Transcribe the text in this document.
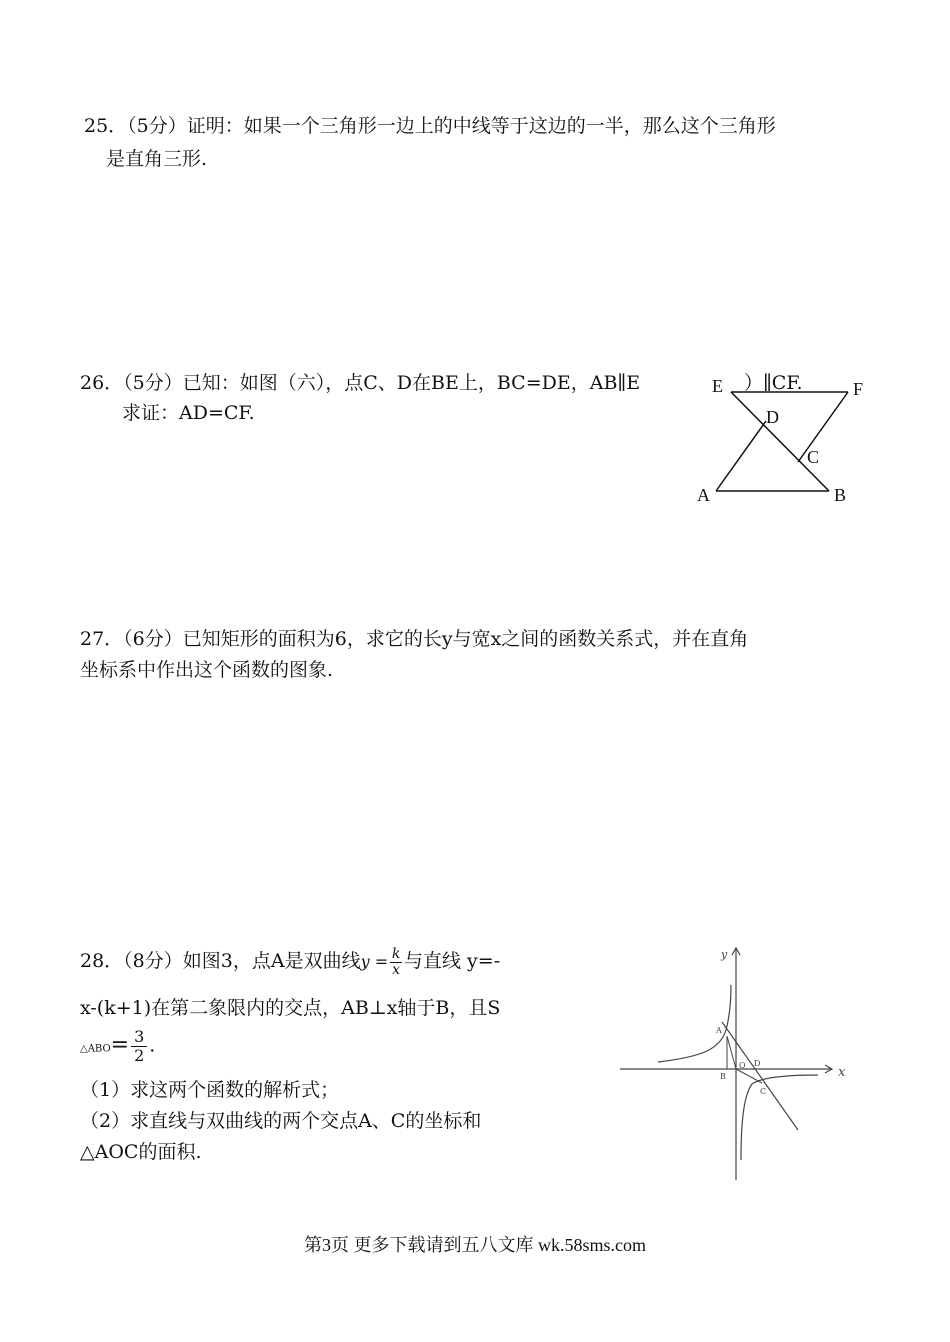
25．（5分）证明：如果一个三角形一边上的中线等于这边的一半，那么这个三角形
是直角三形.
26．（5分）已知：如图（六），点C、D在BE上，BC=DE，AB∥E	）∥CF.
求证：AD=CF.
E	F
D
C
A	B
27．（6分）已知矩形的面积为6，求它的长y与宽x之间的函数关系式，并在直角
坐标系中作出这个函数的图象.
28．（8分）如图3，点A是双曲线$y = \frac{k}{x}$ 与直线 y=-
x-(k+1)在第二象限内的交点，AB⊥x轴于B，且S
△ABO= $\frac{3}{2}$ .
（1）求这两个函数的解析式；
（2）求直线与双曲线的两个交点A、C的坐标和
△AOC的面积.
y
x
A
B
O D
C
第3页 更多下载请到五八文库 wk.58sms.com
